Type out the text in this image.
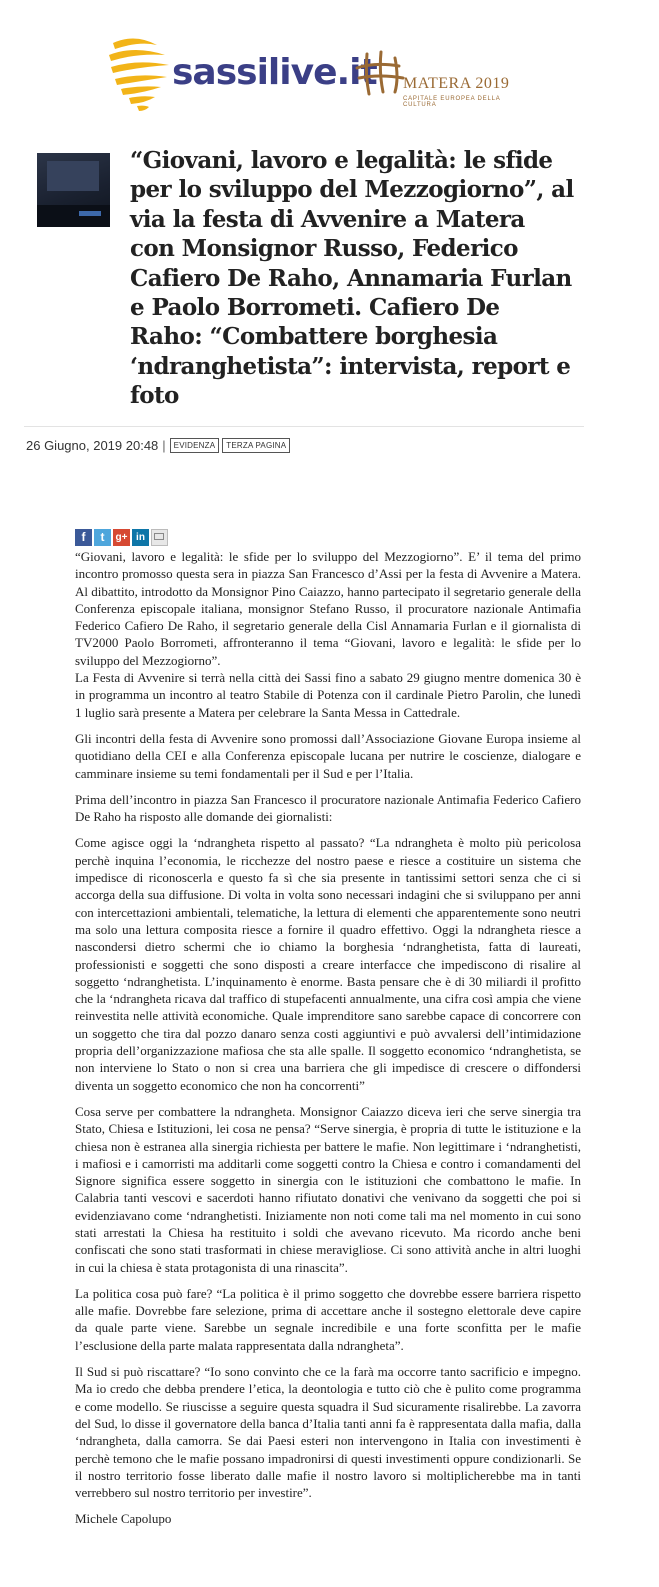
sassilive.it MATERA 2019
CAPITALE EUROPEA DELLA CULTURA
“Giovani, lavoro e legalità: le sfide per lo sviluppo del Mezzogiorno”, al via la festa di Avvenire a Matera con Monsignor Russo, Federico Cafiero De Raho, Annamaria Furlan e Paolo Borrometi. Cafiero De Raho: “Combattere borghesia ‘ndranghetista”: intervista, report e foto
26 Giugno, 2019 20:48 |	EVIDENZA	TERZA PAGINA
f	t	g+ in

“Giovani, lavoro e legalità: le sfide per lo sviluppo del Mezzogiorno”. E’ il tema del primo incontro promosso questa sera in piazza San Francesco d’Assi per la festa di Avvenire a Matera. Al dibattito, introdotto da Monsignor Pino Caiazzo, hanno partecipato il segretario generale della Conferenza episcopale italiana, monsignor Stefano Russo, il procuratore nazionale Antimafia Federico Cafiero De Raho, il segretario generale della Cisl Annamaria Furlan e il giornalista di TV2000 Paolo Borrometi, affronteranno il tema “Giovani, lavoro e legalità: le sfide per lo sviluppo del Mezzogiorno”.

La Festa di Avvenire si terrà nella città dei Sassi fino a sabato 29 giugno mentre domenica 30 è in programma un incontro al teatro Stabile di Potenza con il cardinale Pietro Parolin, che lunedì 1 luglio sarà presente a Matera per celebrare la Santa Messa in Cattedrale.

Gli incontri della festa di Avvenire sono promossi dall’Associazione Giovane Europa insieme al quotidiano della CEI e alla Conferenza episcopale lucana per nutrire le coscienze, dialogare e camminare insieme su temi fondamentali per il Sud e per l’Italia.

Prima dell’incontro in piazza San Francesco il procuratore nazionale Antimafia Federico Cafiero De Raho ha risposto alle domande dei giornalisti:

Come agisce oggi la ‘ndrangheta rispetto al passato? “La ndrangheta è molto più pericolosa perchè inquina l’economia, le ricchezze del nostro paese e riesce a costituire un sistema che impedisce di riconoscerla e questo fa sì che sia presente in tantissimi settori senza che ci si accorga della sua diffusione. Di volta in volta sono necessari indagini che si sviluppano per anni con intercettazioni ambientali, telematiche, la lettura di elementi che apparentemente sono neutri ma solo una lettura composita riesce a fornire il quadro effettivo. Oggi la ndrangheta riesce a nascondersi dietro schermi che io chiamo la borghesia ‘ndranghetista, fatta di laureati, professionisti e soggetti che sono disposti a creare interfacce che impediscono di risalire al soggetto ‘ndranghetista. L’inquinamento è enorme. Basta pensare che è di 30 miliardi il profitto che la ‘ndrangheta ricava dal traffico di stupefacenti annualmente, una cifra così ampia che viene reinvestita nelle attività economiche. Quale imprenditore sano sarebbe capace di concorrere con un soggetto che tira dal pozzo danaro senza costi aggiuntivi e può avvalersi dell’intimidazione propria dell’organizzazione mafiosa che sta alle spalle. Il soggetto economico ‘ndranghetista, se non interviene lo Stato o non si crea una barriera che gli impedisce di crescere o diffondersi diventa un soggetto economico che non ha concorrenti”

Cosa serve per combattere la ndrangheta. Monsignor Caiazzo diceva ieri che serve sinergia tra Stato, Chiesa e Istituzioni, lei cosa ne pensa? “Serve sinergia, è propria di tutte le istituzione e la chiesa non è estranea alla sinergia richiesta per battere le mafie. Non legittimare i ‘ndranghetisti, i mafiosi e i camorristi ma additarli come soggetti contro la Chiesa e contro i comandamenti del Signore significa essere soggetto in sinergia con le istituzioni che combattono le mafie. In Calabria tanti vescovi e sacerdoti hanno rifiutato donativi che venivano da soggetti che poi si evidenziavano come ‘ndranghetisti. Iniziamente non noti come tali ma nel momento in cui sono stati arrestati la Chiesa ha restituito i soldi che avevano ricevuto. Ma ricordo anche beni confiscati che sono stati trasformati in chiese meravigliose. Ci sono attività anche in altri luoghi in cui la chiesa è stata protagonista di una rinascita”.

La politica cosa può fare? “La politica è il primo soggetto che dovrebbe essere barriera rispetto alle mafie. Dovrebbe fare selezione, prima di accettare anche il sostegno elettorale deve capire da quale parte viene. Sarebbe un segnale incredibile e una forte sconfitta per le mafie l’esclusione della parte malata rappresentata dalla ndrangheta”.

Il Sud si può riscattare? “Io sono convinto che ce la farà ma occorre tanto sacrificio e impegno. Ma io credo che debba prendere l’etica, la deontologia e tutto ciò che è pulito come programma e come modello. Se riuscisse a seguire questa squadra il Sud sicuramente risalirebbe. La zavorra del Sud, lo disse il governatore della banca d’Italia tanti anni fa è rappresentata dalla mafia, dalla ‘ndrangheta, dalla camorra. Se dai Paesi esteri non intervengono in Italia con investimenti è perchè temono che le mafie possano impadronirsi di questi investimenti oppure condizionarli. Se il nostro territorio fosse liberato dalle mafie il nostro lavoro si moltiplicherebbe ma in tanti verrebbero sul nostro territorio per investire”.

Michele Capolupo
